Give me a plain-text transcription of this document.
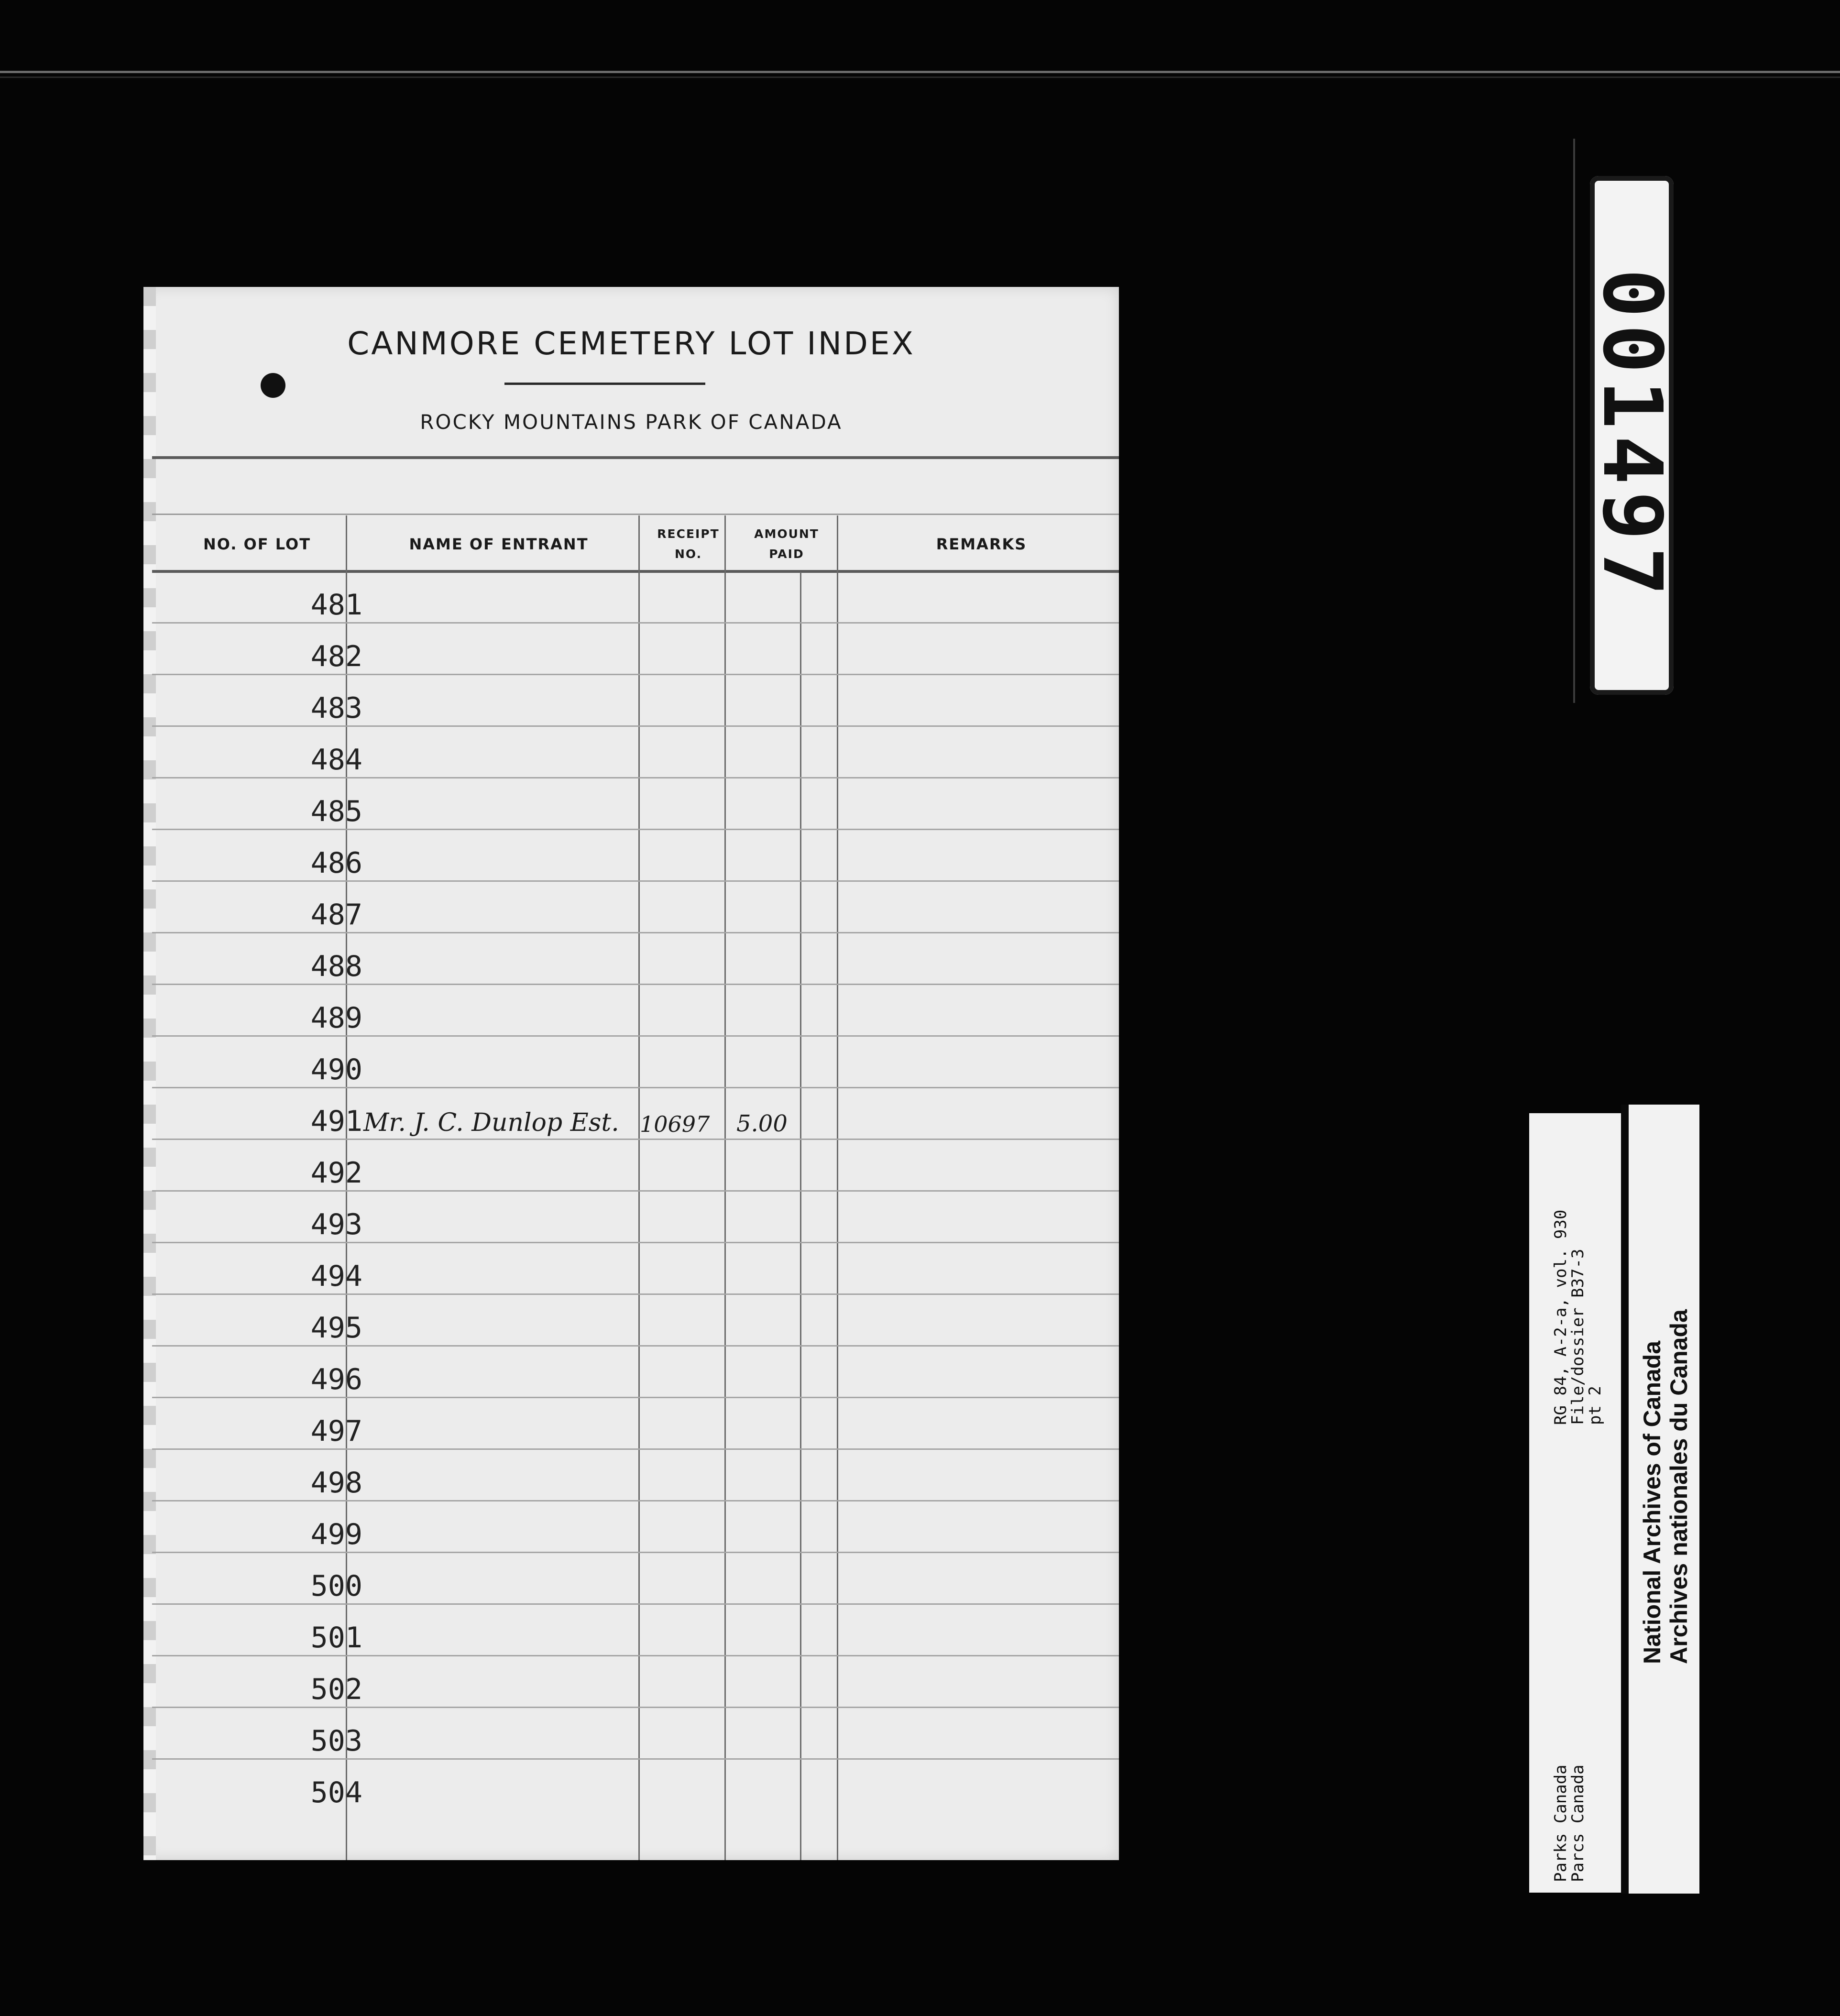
CANMORE CEMETERY LOT INDEX
ROCKY MOUNTAINS PARK OF CANADA
NO. OF LOT	NAME OF ENTRANT
RECEIPT
NO.
AMOUNT
PAID
REMARKS
481
482
483
484
485
486
487
488
489
490
491 Mr. J. C. Dunlop Est. 10697 5.00
492
493
494
495
496
497
498
499
500
501
502
503
504
001497
RG 84, A-2-a, vol. 930
File/dossier B37-3
pt 2
Parks Canada
Parcs Canada
National Archives of Canada Archives nationales du Canada
